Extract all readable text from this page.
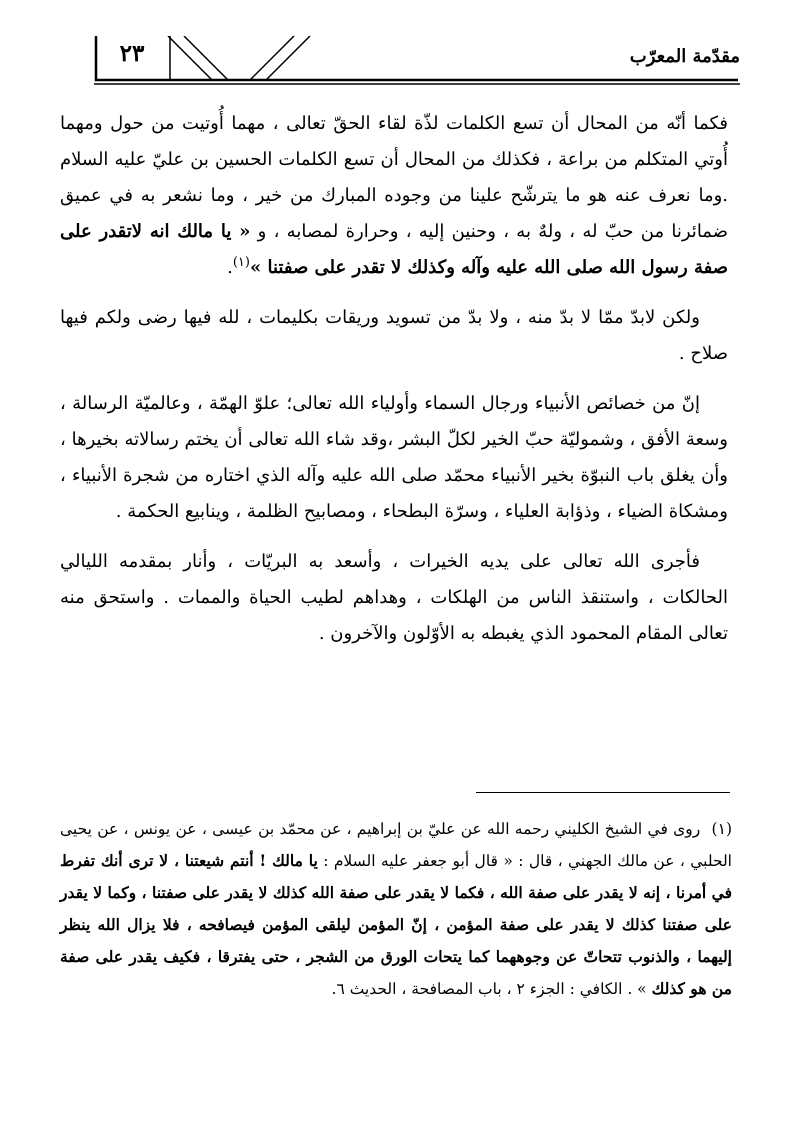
٢٣	مقدّمة المعرّب

فكما أنّه من المحال أن تسع الكلمات لذّة لقاء الحقّ تعالى ، مهما أُوتيت من حول ومهما أُوتي المتكلم من براعة ، فكذلك من المحال أن تسع الكلمات الحسين بن عليّ عليه السلام .وما نعرف عنه هو ما يترشّح علينا من وجوده المبارك من خير ، وما نشعر به في عميق ضمائرنا من حبّ له ، ولهٌ به ، وحنين إليه ، وحرارة لمصابه ، و « يا مالك انه لاتقدر على صفة رسول الله صلى الله عليه وآله وكذلك لا تقدر على صفتنا »$^{(١)}$.

ولكن لابدّ ممّا لا بدّ منه ، ولا بدّ من تسويد وريقات بكليمات ، لله فيها رضى ولكم فيها صلاح .

إنّ من خصائص الأنبياء ورجال السماء وأولياء الله تعالى؛ علوّ الهمّة ، وعالميّة الرسالة ، وسعة الأفق ، وشموليّة حبّ الخير لكلّ البشر ،وقد شاء الله تعالى أن يختم رسالاته بخيرها ، وأن يغلق باب النبوّة بخير الأنبياء محمّد صلى الله عليه وآله الذي اختاره من شجرة الأنبياء ، ومشكاة الضياء ، وذؤابة العلياء ، وسرّة البطحاء ، ومصابيح الظلمة ، وينابيع الحكمة .

فأجرى الله تعالى على يديه الخيرات ، وأسعد به البريّات ، وأنار بمقدمه الليالي الحالكات ، واستنقذ الناس من الهلكات ، وهداهم لطيب الحياة والممات . واستحق منه تعالى المقام المحمود الذي يغبطه به الأوّلون والآخرون .

(١) روى في الشيخ الكليني رحمه الله عن عليّ بن إبراهيم ، عن محمّد بن عيسى ، عن يونس ، عن يحيى الحلبي ، عن مالك الجهني ، قال : « قال أبو جعفر عليه السلام : يا مالك ! أنتم شيعتنا ، لا ترى أنك تفرط في أمرنا ، إنه لا يقدر على صفة الله ، فكما لا يقدر على صفة الله كذلك لا يقدر على صفتنا ، وكما لا يقدر على صفتنا كذلك لا يقدر على صفة المؤمن ، إنّ المؤمن ليلقى المؤمن فيصافحه ، فلا يزال الله ينظر إليهما ، والذنوب تتحاتّ عن وجوههما كما يتحات الورق من الشجر ، حتى يفترقا ، فكيف يقدر على صفة من هو كذلك » . الكافي : الجزء ٢ ، باب المصافحة ، الحديث ٦.
